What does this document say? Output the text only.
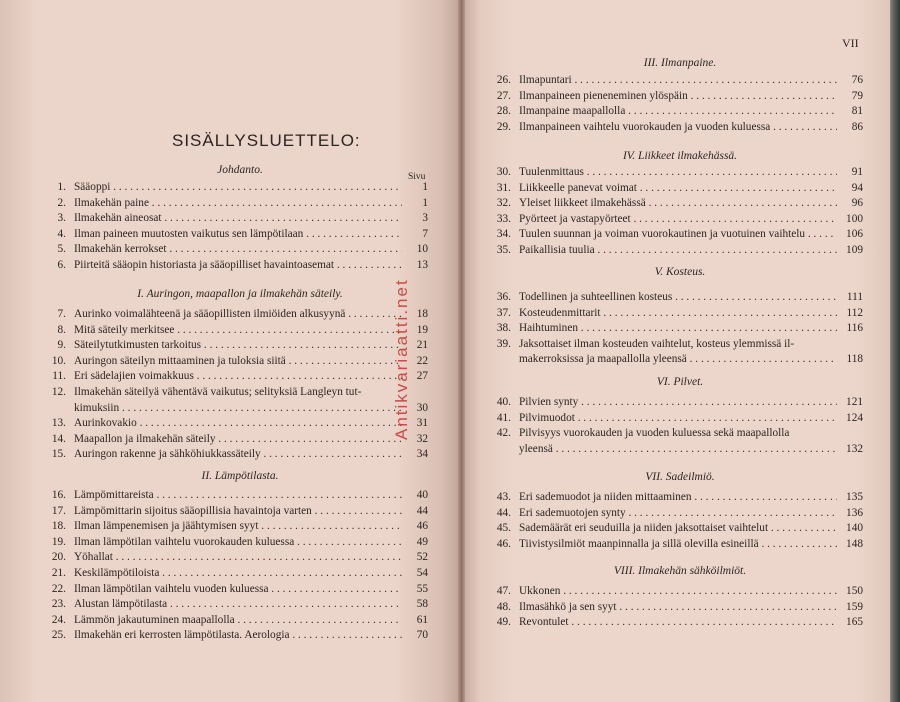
SISÄLLYSLUETTELO:
VII
Sivu
Johdanto.
1. Sääoppi . . .	1
2. Ilmakehän paine . . .	1
3. Ilmakehän aineosat . . .	3
4. Ilman paineen muutosten vaikutus sen lämpötilaan . . .	7
5. Ilmakehän kerrokset . . .	10
6. Piirteitä sääopin historiasta ja sääopilliset havaintoasemat . . .	13
I. Auringon, maapallon ja ilmakehän säteily.
7. Aurinko voimalähteenä ja sääopillisten ilmiöiden alkusyynä . . .	18
8. Mitä säteily merkitsee . . .	19
9. Säteilytutkimusten tarkoitus . . .	21
10. Auringon säteilyn mittaaminen ja tuloksia siitä . . .	22
11. Eri sädelajien voimakkuus . . .	27
12. Ilmakehän säteilyä vähentävä vaikutus; selityksiä Langleyn tut-
kimuksiin . . .	30
13. Aurinkovakio . . .	31
14. Maapallon ja ilmakehän säteily . . .	32
15. Auringon rakenne ja sähköhiukkassäteily . . .	34
II. Lämpötilasta.
16. Lämpömittareista . . .	40
17. Lämpömittarin sijoitus sääopillisia havaintoja varten . . .	44
18. Ilman lämpenemisen ja jäähtymisen syyt . . .	46
19. Ilman lämpötilan vaihtelu vuorokauden kuluessa . . .	49
20. Yöhallat . . .	52
21. Keskilämpötiloista . . .	54
22. Ilman lämpötilan vaihtelu vuoden kuluessa . . .	55
23. Alustan lämpötilasta . . .	58
24. Lämmön jakautuminen maapallolla . . .	61
25. Ilmakehän eri kerrosten lämpötilasta. Aerologia . . .	70
III. Ilmanpaine.
26. Ilmapuntari . . .	76
27. Ilmanpaineen pieneneminen ylöspäin . . .	79
28. Ilmanpaine maapallolla . . .	81
29. Ilmanpaineen vaihtelu vuorokauden ja vuoden kuluessa . . .	86
IV. Liikkeet ilmakehässä.
30. Tuulenmittaus . . .	91
31. Liikkeelle panevat voimat . . .	94
32. Yleiset liikkeet ilmakehässä . . .	96
33. Pyörteet ja vastapyörteet . . .	100
34. Tuulen suunnan ja voiman vuorokautinen ja vuotuinen vaihtelu . . .	106
35. Paikallisia tuulia . . .	109
V. Kosteus.
36. Todellinen ja suhteellinen kosteus . . .	111
37. Kosteudenmittarit . . .	112
38. Haihtuminen . . .	116
39. Jaksottaiset ilman kosteuden vaihtelut, kosteus ylemmissä il-
makerroksissa ja maapallolla yleensä . . .	118
VI. Pilvet.
40. Pilvien synty . . .	121
41. Pilvimuodot . . .	124
42. Pilvisyys vuorokauden ja vuoden kuluessa sekä maapallolla
yleensä . . .	132
VII. Sadeilmiö.
43. Eri sademuodot ja niiden mittaaminen . . .	135
44. Eri sademuotojen synty . . .	136
45. Sademäärät eri seuduilla ja niiden jaksottaiset vaihtelut . . .	140
46. Tiivistysilmiöt maanpinnalla ja sillä olevilla esineillä . . .	148
VIII. Ilmakehän sähköilmiöt.
47. Ukkonen . . .	150
48. Ilmasähkö ja sen syyt . . .	159
49. Revontulet . . .	165
Antikvariaatti.net
